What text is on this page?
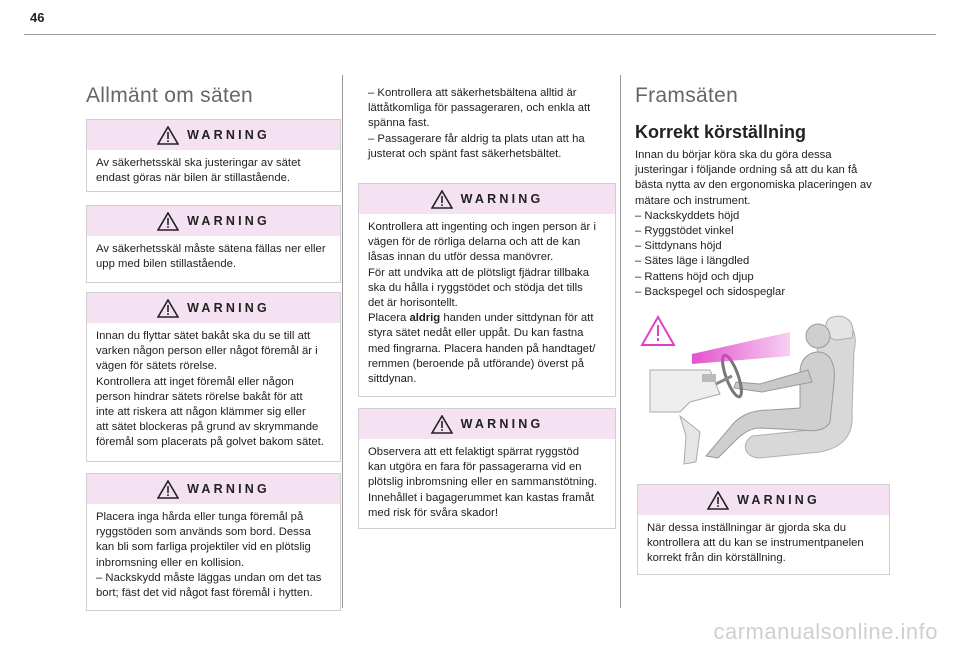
46
Allmänt om säten
WARNING

Av säkerhetsskäl ska justeringar av sätet

endast göras när bilen är stillastående.

WARNING

Av säkerhetsskäl måste sätena fällas ner eller

upp med bilen stillastående.

WARNING

Innan du flyttar sätet bakåt ska du se till att

varken någon person eller något föremål är i

vägen för sätets rörelse.

Kontrollera att inget föremål eller någon

person hindrar sätets rörelse bakåt för att

inte att riskera att någon klämmer sig eller

att sätet blockeras på grund av skrymmande

föremål som placerats på golvet bakom sätet.

WARNING

Placera inga hårda eller tunga föremål på

ryggstöden som används som bord. Dessa

kan bli som farliga projektiler vid en plötslig

inbromsning eller en kollision.

– Nackskydd måste läggas undan om det tas

bort; fäst det vid något fast föremål i hytten.

– Kontrollera att säkerhetsbältena alltid är

lättåtkomliga för passageraren, och enkla att

spänna fast.

– Passagerare får aldrig ta plats utan att ha

justerat och spänt fast säkerhetsbältet.

WARNING

Kontrollera att ingenting och ingen person är i

vägen för de rörliga delarna och att de kan

låsas innan du utför dessa manövrer.

För att undvika att de plötsligt fjädrar tillbaka

ska du hålla i ryggstödet och stödja det tills

det är horisontellt.

Placera aldrig handen under sittdynan för att

styra sätet nedåt eller uppåt. Du kan fastna

med fingrarna. Placera handen på handtaget/

remmen (beroende på utförande) överst på

sittdynan.

WARNING

Observera att ett felaktigt spärrat ryggstöd

kan utgöra en fara för passagerarna vid en

plötslig inbromsning eller en sammanstötning.

Innehållet i bagagerummet kan kastas framåt

med risk för svåra skador!

Framsäten
Korrekt körställning

Innan du börjar köra ska du göra dessa

justeringar i följande ordning så att du kan få

bästa nytta av den ergonomiska placeringen av

mätare och instrument.

– Nackskyddets höjd

– Ryggstödet vinkel

– Sittdynans höjd

– Sätes läge i längdled

– Rattens höjd och djup

– Backspegel och sidospeglar

WARNING

När dessa inställningar är gjorda ska du

kontrollera att du kan se instrumentpanelen

korrekt från din körställning.

carmanualsonline.info
